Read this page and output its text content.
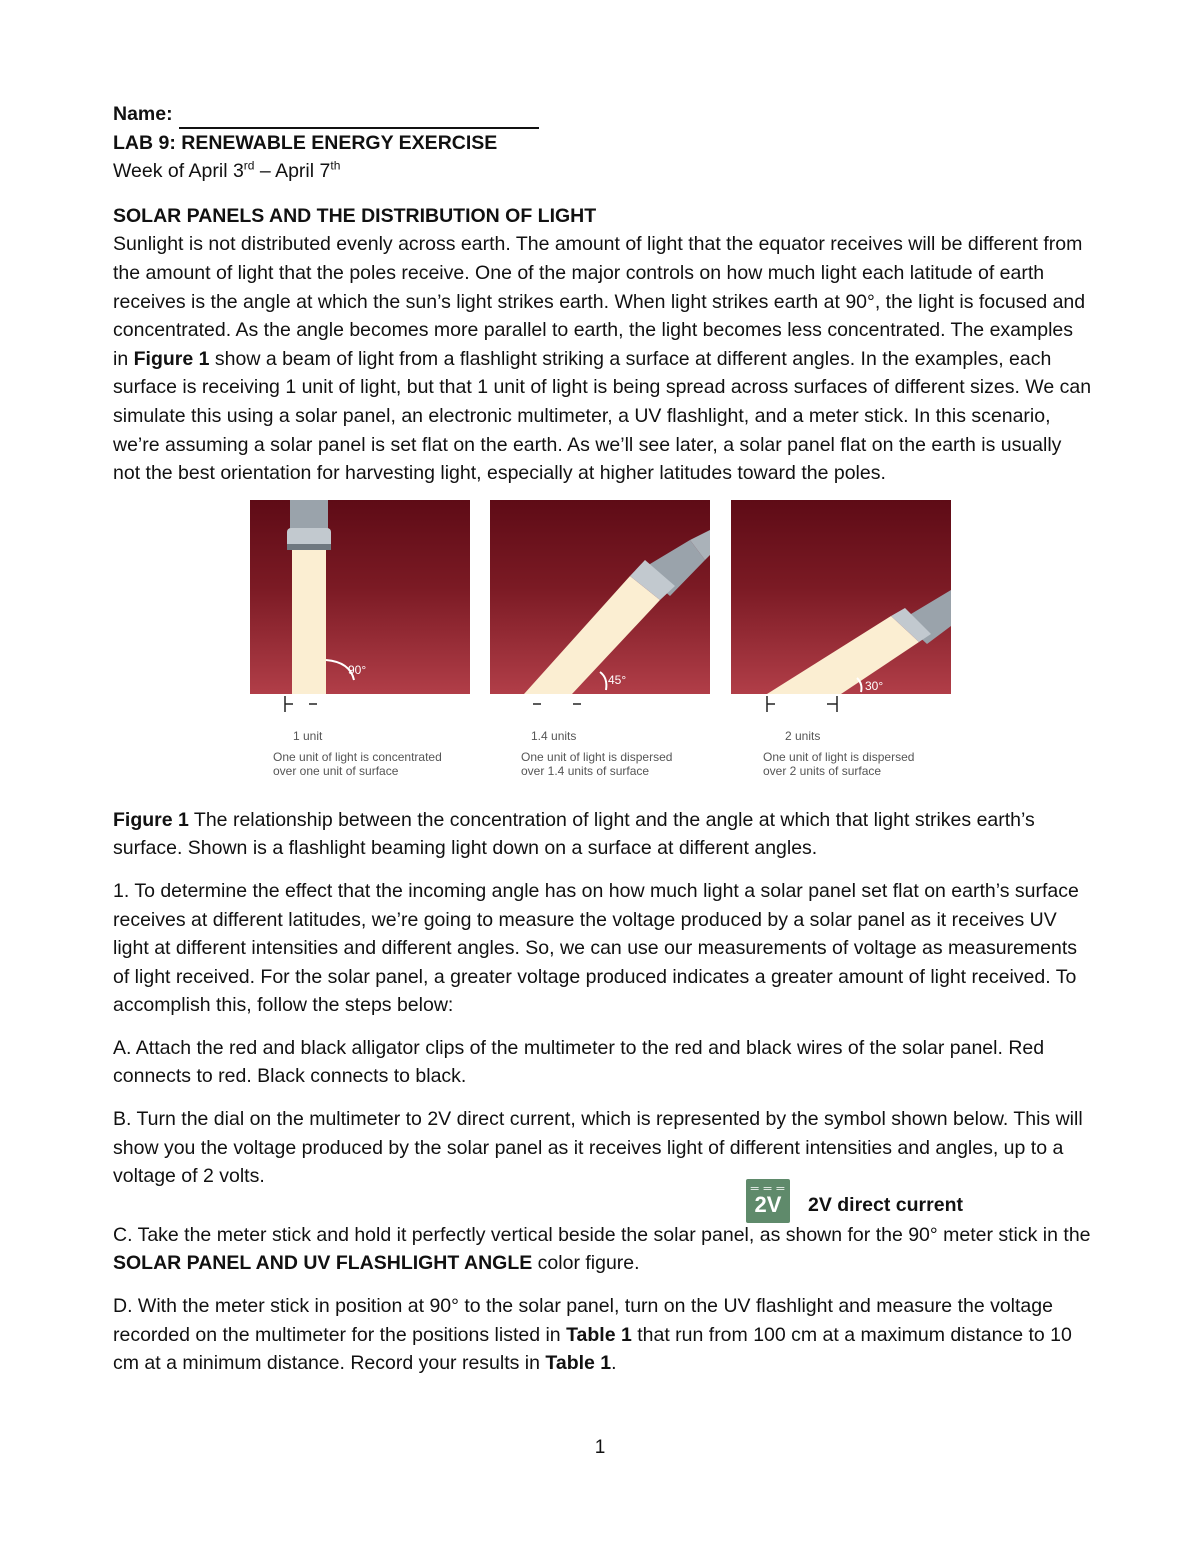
Name:

LAB 9: RENEWABLE ENERGY EXERCISE

Week of April 3rd – April 7th

SOLAR PANELS AND THE DISTRIBUTION OF LIGHT

Sunlight is not distributed evenly across earth. The amount of light that the equator receives will be different from the amount of light that the poles receive. One of the major controls on how much light each latitude of earth receives is the angle at which the sun’s light strikes earth. When light strikes earth at 90°, the light is focused and concentrated. As the angle becomes more parallel to earth, the light becomes less concentrated. The examples in Figure 1 show a beam of light from a flashlight striking a surface at different angles. In the examples, each surface is receiving 1 unit of light, but that 1 unit of light is being spread across surfaces of different sizes. We can simulate this using a solar panel, an electronic multimeter, a UV flashlight, and a meter stick. In this scenario, we’re assuming a solar panel is set flat on the earth. As we’ll see later, a solar panel flat on the earth is usually not the best orientation for harvesting light, especially at higher latitudes toward the poles.

90°
45°	30°
1 unit	1.4 units	2 units
One unit of light is concentrated
over one unit of surface
One unit of light is dispersed
over 1.4 units of surface
One unit of light is dispersed
over 2 units of surface

Figure 1 The relationship between the concentration of light and the angle at which that light strikes earth’s surface. Shown is a flashlight beaming light down on a surface at different angles.

1. To determine the effect that the incoming angle has on how much light a solar panel set flat on earth’s surface receives at different latitudes, we’re going to measure the voltage produced by a solar panel as it receives UV light at different intensities and different angles. So, we can use our measurements of voltage as measurements of light received. For the solar panel, a greater voltage produced indicates a greater amount of light received. To accomplish this, follow the steps below:

A. Attach the red and black alligator clips of the multimeter to the red and black wires of the solar panel. Red connects to red. Black connects to black.

B. Turn the dial on the multimeter to 2V direct current, which is represented by the symbol shown below. This will show you the voltage produced by the solar panel as it receives light of different intensities and angles, up to a voltage of 2 volts.

═ ═ ═
2V 2V direct current

C. Take the meter stick and hold it perfectly vertical beside the solar panel, as shown for the 90° meter stick in the SOLAR PANEL AND UV FLASHLIGHT ANGLE color figure.

D. With the meter stick in position at 90° to the solar panel, turn on the UV flashlight and measure the voltage recorded on the multimeter for the positions listed in Table 1 that run from 100 cm at a maximum distance to 10 cm at a minimum distance. Record your results in Table 1.

1
